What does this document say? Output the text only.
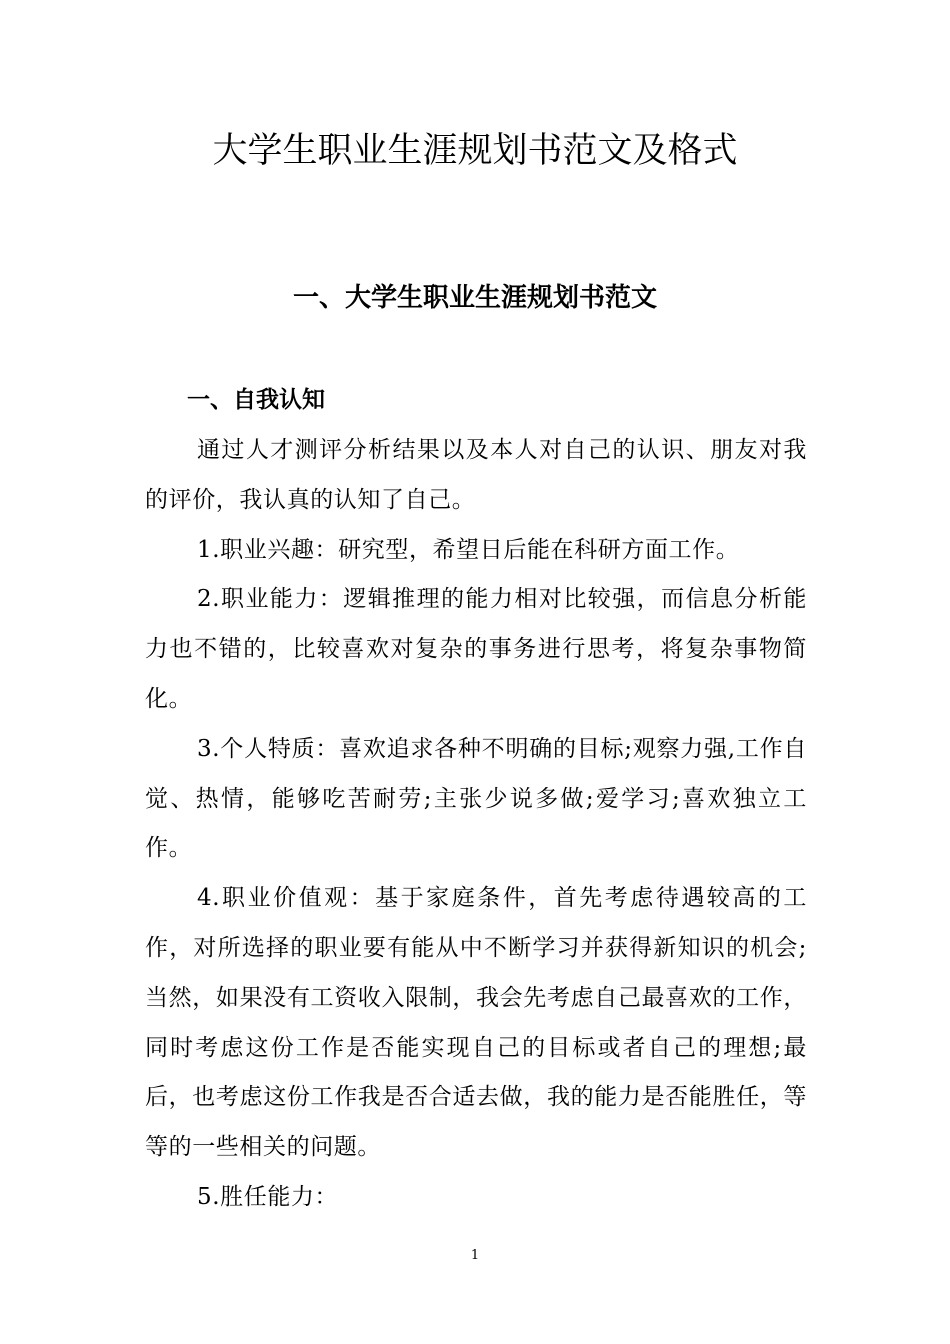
大学生职业生涯规划书范文及格式
一、大学生职业生涯规划书范文
一、自我认知

通过人才测评分析结果以及本人对自己的认识、朋友对我的评价，我认真的认知了自己。

1.职业兴趣：研究型，希望日后能在科研方面工作。

2.职业能力：逻辑推理的能力相对比较强，而信息分析能力也不错的，比较喜欢对复杂的事务进行思考，将复杂事物简化。

3.个人特质：喜欢追求各种不明确的目标;观察力强,工作自觉、热情，能够吃苦耐劳;主张少说多做;爱学习;喜欢独立工作。

4.职业价值观：基于家庭条件，首先考虑待遇较高的工作，对所选择的职业要有能从中不断学习并获得新知识的机会;当然，如果没有工资收入限制，我会先考虑自己最喜欢的工作，同时考虑这份工作是否能实现自己的目标或者自己的理想;最后，也考虑这份工作我是否合适去做，我的能力是否能胜任，等等的一些相关的问题。

5.胜任能力：

1
